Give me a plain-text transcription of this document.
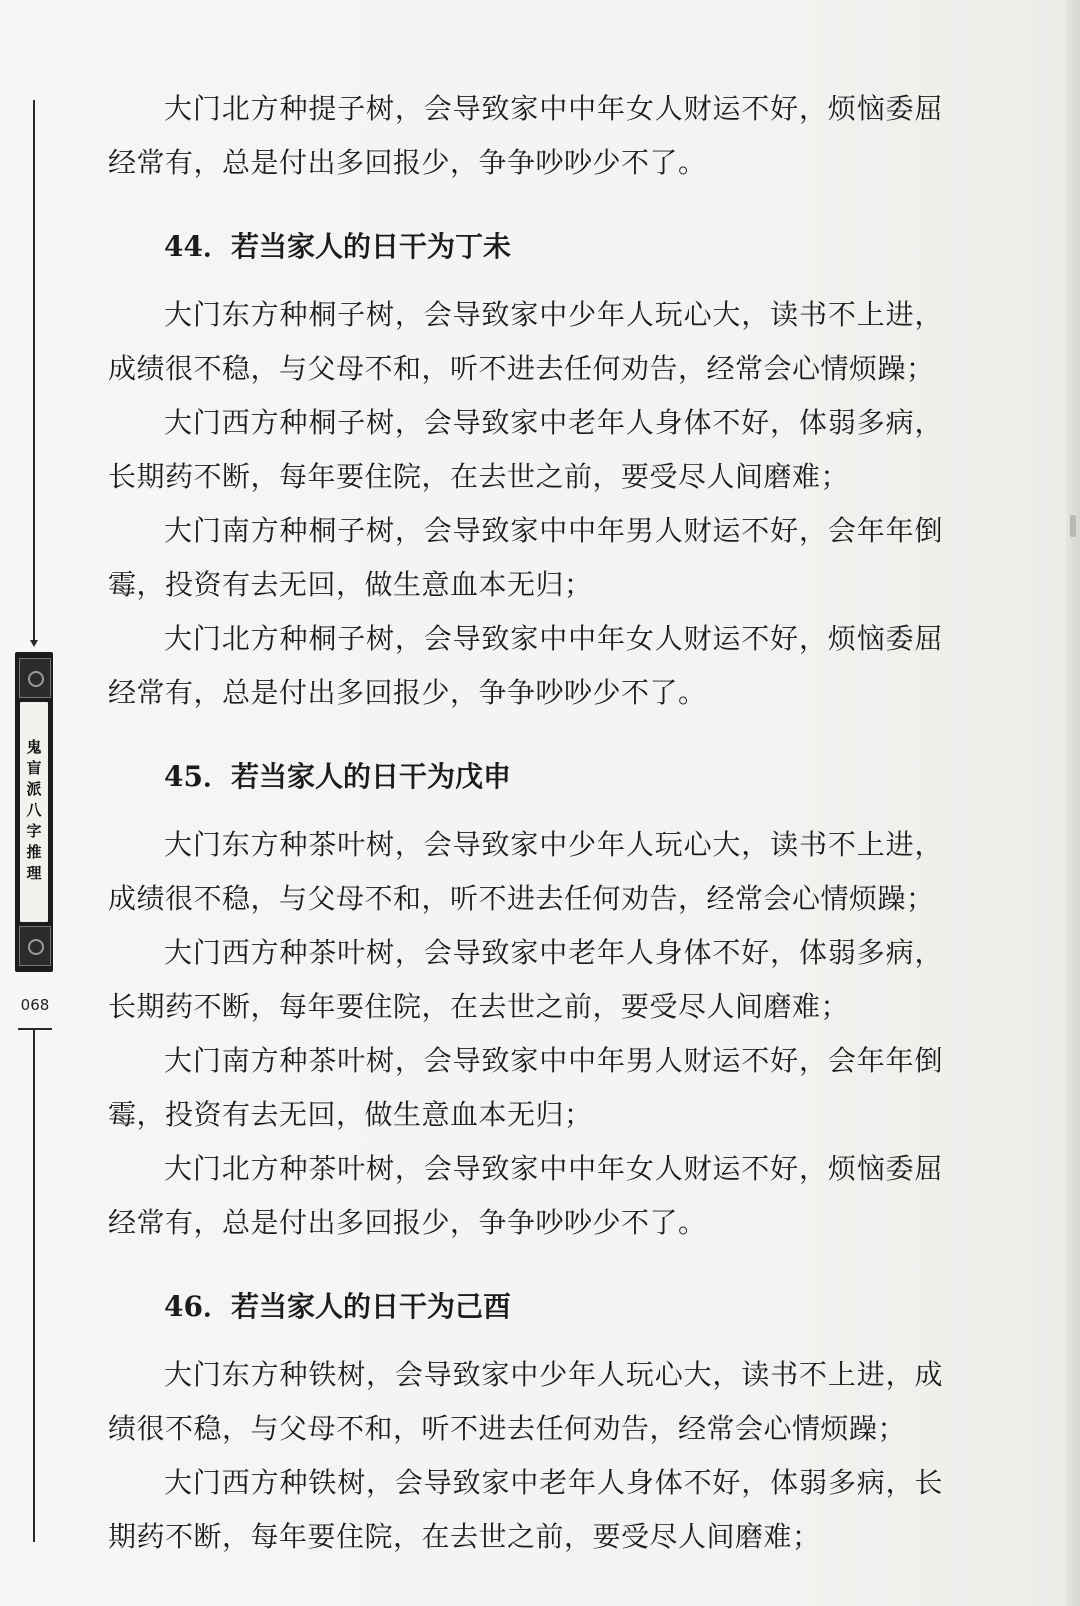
鬼盲派八字推理
068

大门北方种提子树，会导致家中中年女人财运不好，烦恼委屈经常有，总是付出多回报少，争争吵吵少不了。

44．若当家人的日干为丁未

大门东方种桐子树，会导致家中少年人玩心大，读书不上进，成绩很不稳，与父母不和，听不进去任何劝告，经常会心情烦躁；

大门西方种桐子树，会导致家中老年人身体不好，体弱多病，长期药不断，每年要住院，在去世之前，要受尽人间磨难；

大门南方种桐子树，会导致家中中年男人财运不好，会年年倒霉，投资有去无回，做生意血本无归；

大门北方种桐子树，会导致家中中年女人财运不好，烦恼委屈经常有，总是付出多回报少，争争吵吵少不了。

45．若当家人的日干为戊申

大门东方种茶叶树，会导致家中少年人玩心大，读书不上进，成绩很不稳，与父母不和，听不进去任何劝告，经常会心情烦躁；

大门西方种茶叶树，会导致家中老年人身体不好，体弱多病，长期药不断，每年要住院，在去世之前，要受尽人间磨难；

大门南方种茶叶树，会导致家中中年男人财运不好，会年年倒霉，投资有去无回，做生意血本无归；

大门北方种茶叶树，会导致家中中年女人财运不好，烦恼委屈经常有，总是付出多回报少，争争吵吵少不了。

46．若当家人的日干为己酉

大门东方种铁树，会导致家中少年人玩心大，读书不上进，成绩很不稳，与父母不和，听不进去任何劝告，经常会心情烦躁；

大门西方种铁树，会导致家中老年人身体不好，体弱多病，长期药不断，每年要住院，在去世之前，要受尽人间磨难；
